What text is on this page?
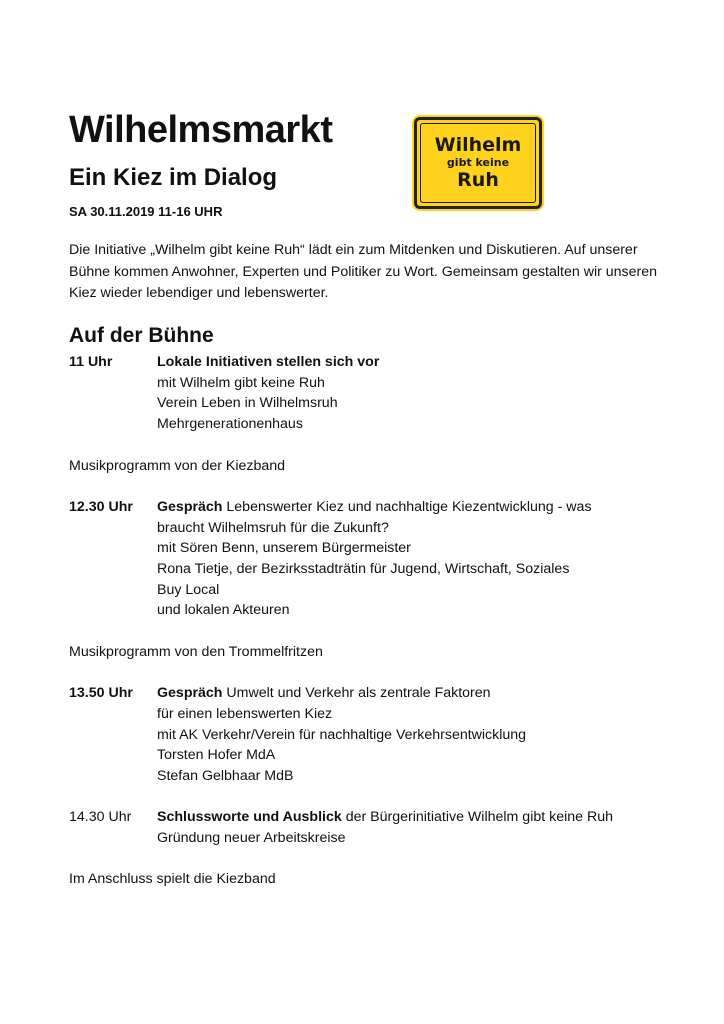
Wilhelmsmarkt
Ein Kiez im Dialog
SA 30.11.2019 11-16 UHR
Wilhelm
gibt keine
Ruh

Die Initiative „Wilhelm gibt keine Ruh“ lädt ein zum Mitdenken und Diskutieren. Auf unserer Bühne kommen Anwohner, Experten und Politiker zu Wort. Gemeinsam gestalten wir unseren Kiez wieder lebendiger und lebenswerter.

Auf der Bühne
11 Uhr	Lokale Initiativen stellen sich vor
mit Wilhelm gibt keine Ruh
Verein Leben in Wilhelmsruh
Mehrgenerationenhaus
Musikprogramm von der Kiezband
12.30 Uhr	Gespräch Lebenswerter Kiez und nachhaltige Kiezentwicklung - was
braucht Wilhelmsruh für die Zukunft?
mit Sören Benn, unserem Bürgermeister
Rona Tietje, der Bezirksstadträtin für Jugend, Wirtschaft, Soziales
Buy Local
und lokalen Akteuren
Musikprogramm von den Trommelfritzen
13.50 Uhr	Gespräch Umwelt und Verkehr als zentrale Faktoren
für einen lebenswerten Kiez
mit AK Verkehr/Verein für nachhaltige Verkehrsentwicklung
Torsten Hofer MdA
Stefan Gelbhaar MdB
14.30 Uhr	Schlussworte und Ausblick der Bürgerinitiative Wilhelm gibt keine Ruh
Gründung neuer Arbeitskreise
Im Anschluss spielt die Kiezband
